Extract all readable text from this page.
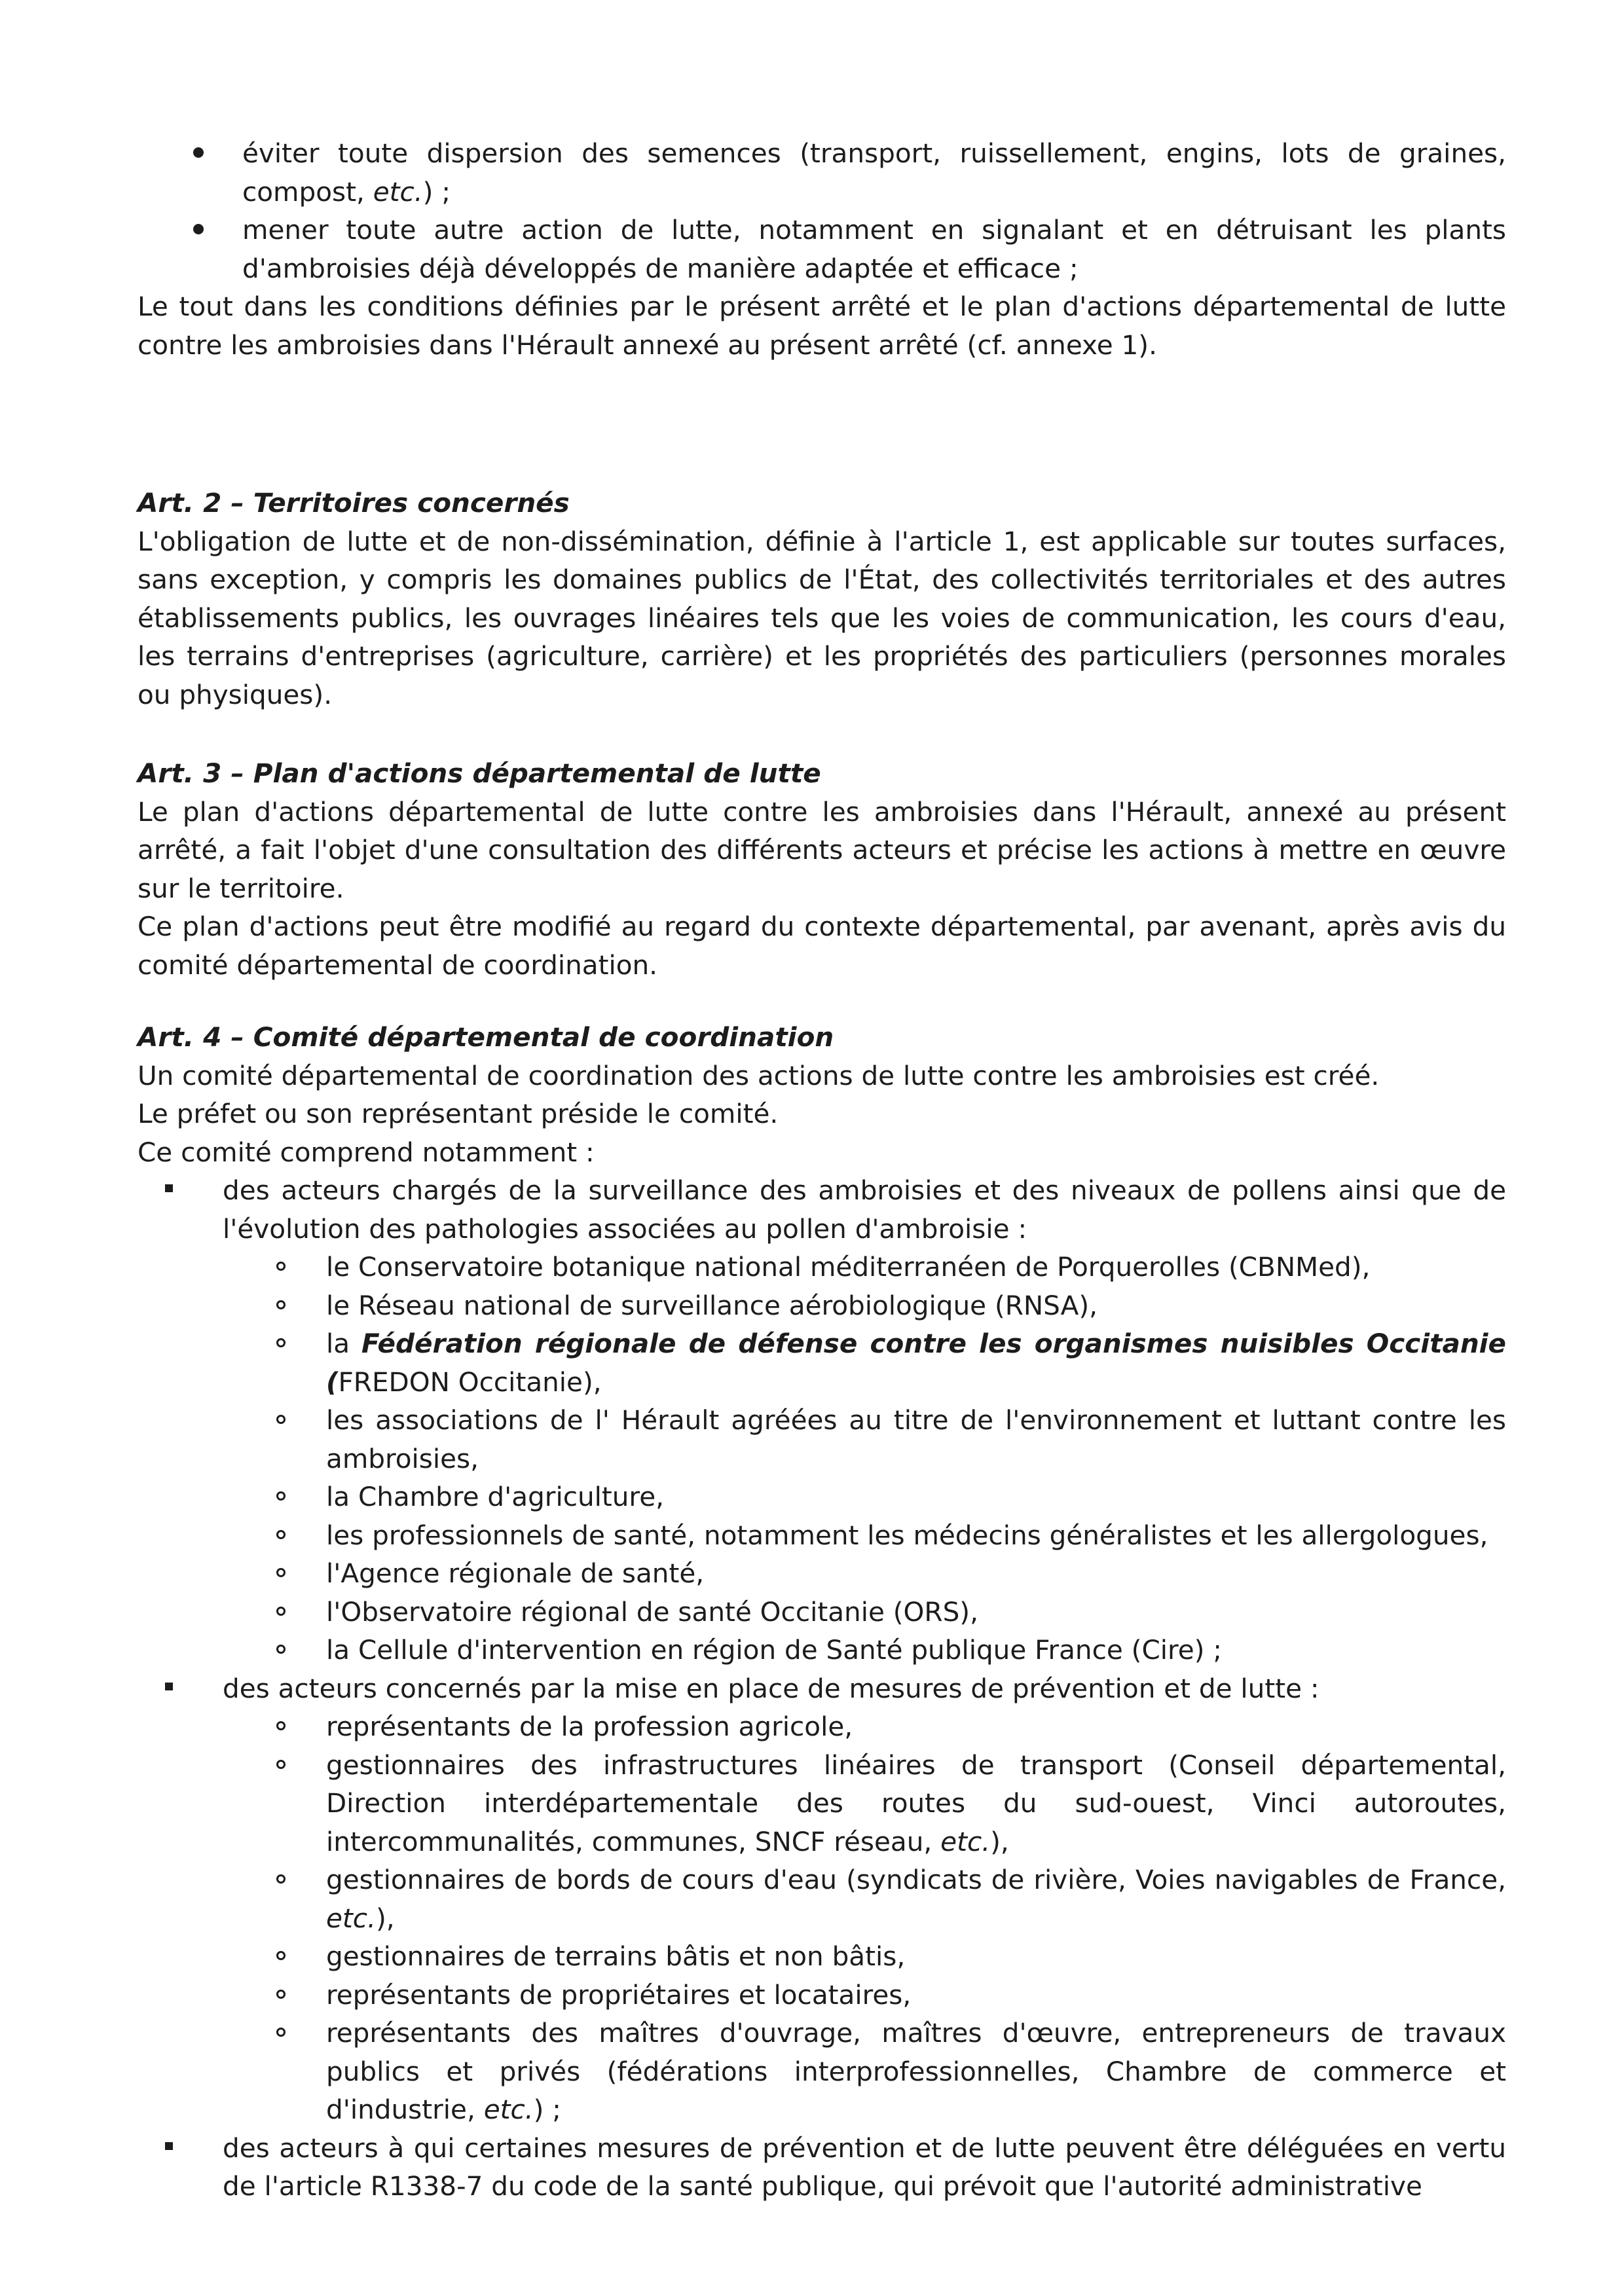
éviter toute dispersion des semences (transport, ruissellement, engins, lots de graines, compost, etc.) ;
mener toute autre action de lutte, notamment en signalant et en détruisant les plants d'ambroisies déjà développés de manière adaptée et efficace ;

Le tout dans les conditions définies par le présent arrêté et le plan d'actions départemental de lutte contre les ambroisies dans l'Hérault annexé au présent arrêté (cf. annexe 1).

Art. 2 – Territoires concernés

L'obligation de lutte et de non-dissémination, définie à l'article 1, est applicable sur toutes surfaces, sans exception, y compris les domaines publics de l'État, des collectivités territoriales et des autres établissements publics, les ouvrages linéaires tels que les voies de communication, les cours d'eau, les terrains d'entreprises (agriculture, carrière) et les propriétés des particuliers (personnes morales ou physiques).

Art. 3 – Plan d'actions départemental de lutte

Le plan d'actions départemental de lutte contre les ambroisies dans l'Hérault, annexé au présent arrêté, a fait l'objet d'une consultation des différents acteurs et précise les actions à mettre en œuvre sur le territoire.

Ce plan d'actions peut être modifié au regard du contexte départemental, par avenant, après avis du comité départemental de coordination.

Art. 4 – Comité départemental de coordination

Un comité départemental de coordination des actions de lutte contre les ambroisies est créé.

Le préfet ou son représentant préside le comité.

Ce comité comprend notamment :

des acteurs chargés de la surveillance des ambroisies et des niveaux de pollens ainsi que de l'évolution des pathologies associées au pollen d'ambroisie :
le Conservatoire botanique national méditerranéen de Porquerolles (CBNMed),
le Réseau national de surveillance aérobiologique (RNSA),
la Fédération régionale de défense contre les organismes nuisibles Occitanie (FREDON Occitanie),
les associations de l' Hérault agréées au titre de l'environnement et luttant contre les ambroisies,
la Chambre d'agriculture,
les professionnels de santé, notamment les médecins généralistes et les allergologues,
l'Agence régionale de santé,
l'Observatoire régional de santé Occitanie (ORS),
la Cellule d'intervention en région de Santé publique France (Cire) ;
des acteurs concernés par la mise en place de mesures de prévention et de lutte :
représentants de la profession agricole,
gestionnaires des infrastructures linéaires de transport (Conseil départemental, Direction interdépartementale des routes du sud-ouest, Vinci autoroutes, intercommunalités, communes, SNCF réseau, etc.),
gestionnaires de bords de cours d'eau (syndicats de rivière, Voies navigables de France, etc.),
gestionnaires de terrains bâtis et non bâtis,
représentants de propriétaires et locataires,
représentants des maîtres d'ouvrage, maîtres d'œuvre, entrepreneurs de travaux publics et privés (fédérations interprofessionnelles, Chambre de commerce et d'industrie, etc.) ;
des acteurs à qui certaines mesures de prévention et de lutte peuvent être déléguées en vertu de l'article R1338-7 du code de la santé publique, qui prévoit que l'autorité administrative
